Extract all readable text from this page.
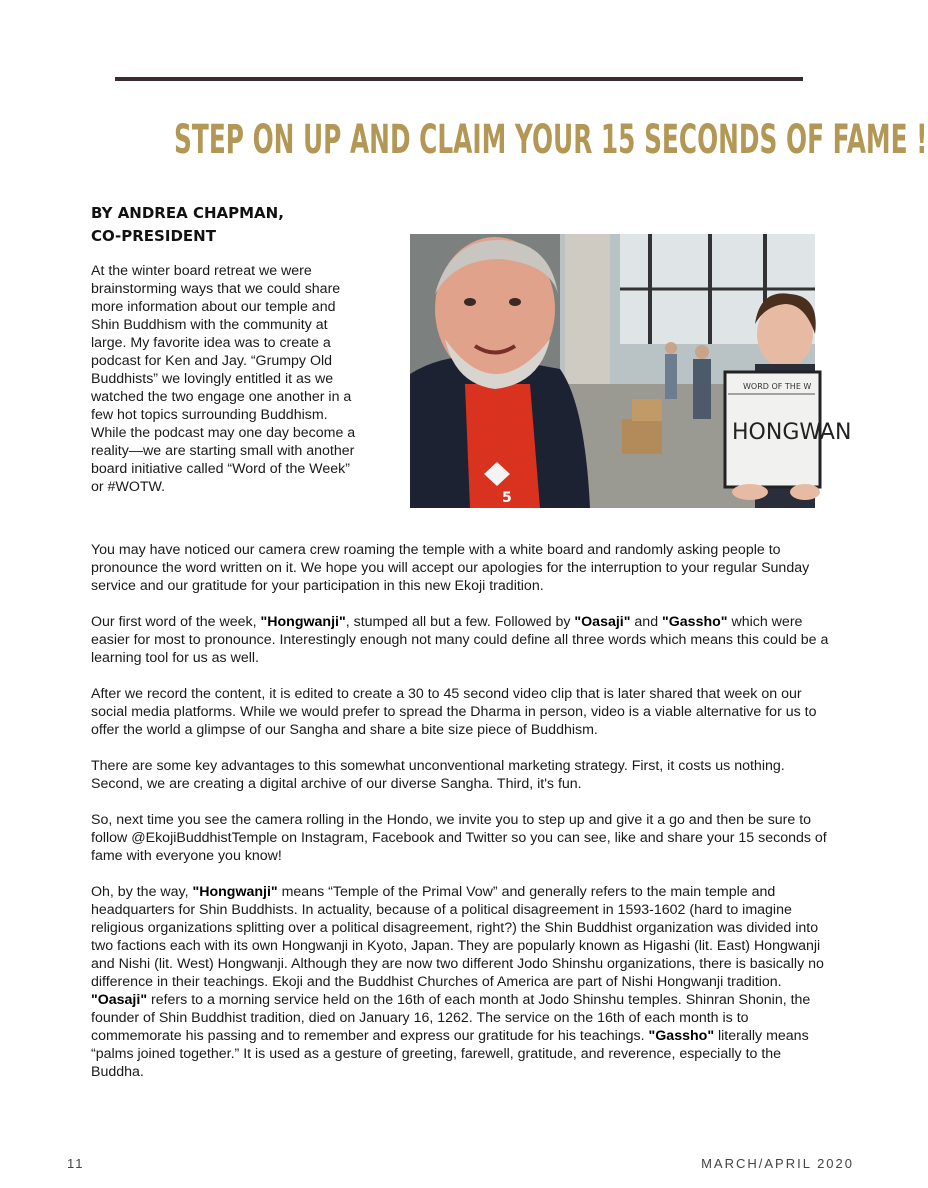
STEP ON UP AND CLAIM YOUR 15 SECONDS OF FAME !
BY ANDREA CHAPMAN,
CO-PRESIDENT
At the winter board retreat we were brainstorming ways that we could share more information about our temple and Shin Buddhism with the community at large. My favorite idea was to create a podcast for Ken and Jay. “Grumpy Old Buddhists” we lovingly entitled it as we watched the two engage one another in a few hot topics surrounding Buddhism. While the podcast may one day become a reality—we are starting small with another board initiative called “Word of the Week” or #WOTW.
WORD OF THE W
HONGWAN
5

You may have noticed our camera crew roaming the temple with a white board and randomly asking people to pronounce the word written on it. We hope you will accept our apologies for the interruption to your regular Sunday service and our gratitude for your participation in this new Ekoji tradition.

Our first word of the week, "Hongwanji", stumped all but a few. Followed by "Oasaji" and "Gassho" which were easier for most to pronounce. Interestingly enough not many could define all three words which means this could be a learning tool for us as well.

After we record the content, it is edited to create a 30 to 45 second video clip that is later shared that week on our social media platforms. While we would prefer to spread the Dharma in person, video is a viable alternative for us to offer the world a glimpse of our Sangha and share a bite size piece of Buddhism.

There are some key advantages to this somewhat unconventional marketing strategy. First, it costs us nothing. Second, we are creating a digital archive of our diverse Sangha. Third, it's fun.

So, next time you see the camera rolling in the Hondo, we invite you to step up and give it a go and then be sure to follow @EkojiBuddhistTemple on Instagram, Facebook and Twitter so you can see, like and share your 15 seconds of fame with everyone you know!

Oh, by the way, "Hongwanji" means “Temple of the Primal Vow” and generally refers to the main temple and headquarters for Shin Buddhists. In actuality, because of a political disagreement in 1593-1602 (hard to imagine religious organizations splitting over a political disagreement, right?) the Shin Buddhist organization was divided into two factions each with its own Hongwanji in Kyoto, Japan. They are popularly known as Higashi (lit. East) Hongwanji and Nishi (lit. West) Hongwanji. Although they are now two different Jodo Shinshu organizations, there is basically no difference in their teachings. Ekoji and the Buddhist Churches of America are part of Nishi Hongwanji tradition. "Oasaji" refers to a morning service held on the 16th of each month at Jodo Shinshu temples. Shinran Shonin, the founder of Shin Buddhist tradition, died on January 16, 1262. The service on the 16th of each month is to commemorate his passing and to remember and express our gratitude for his teachings. "Gassho" literally means “palms joined together.” It is used as a gesture of greeting, farewell, gratitude, and reverence, especially to the Buddha.

11	MARCH/APRIL 2020
